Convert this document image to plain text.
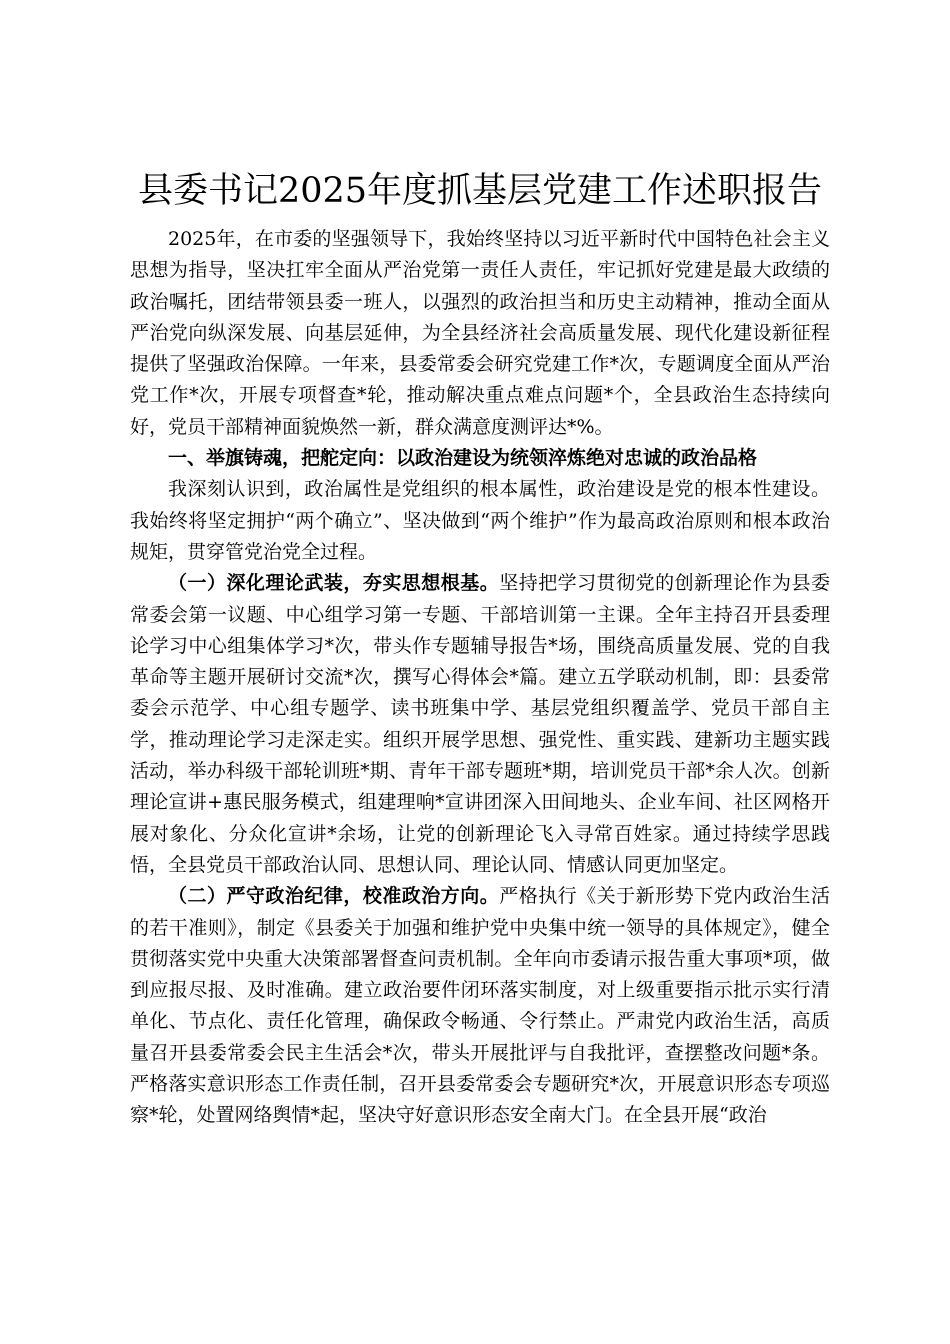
县委书记2025年度抓基层党建工作述职报告

2025年，在市委的坚强领导下，我始终坚持以习近平新时代中国特色社会主义思想为指导，坚决扛牢全面从严治党第一责任人责任，牢记抓好党建是最大政绩的政治嘱托，团结带领县委一班人，以强烈的政治担当和历史主动精神，推动全面从严治党向纵深发展、向基层延伸，为全县经济社会高质量发展、现代化建设新征程提供了坚强政治保障。一年来，县委常委会研究党建工作*次，专题调度全面从严治党工作*次，开展专项督查*轮，推动解决重点难点问题*个，全县政治生态持续向好，党员干部精神面貌焕然一新，群众满意度测评达*%。

一、举旗铸魂，把舵定向：以政治建设为统领淬炼绝对忠诚的政治品格

我深刻认识到，政治属性是党组织的根本属性，政治建设是党的根本性建设。我始终将坚定拥护“两个确立”、坚决做到“两个维护”作为最高政治原则和根本政治规矩，贯穿管党治党全过程。

（一）深化理论武装，夯实思想根基。坚持把学习贯彻党的创新理论作为县委常委会第一议题、中心组学习第一专题、干部培训第一主课。全年主持召开县委理论学习中心组集体学习*次，带头作专题辅导报告*场，围绕高质量发展、党的自我革命等主题开展研讨交流*次，撰写心得体会*篇。建立五学联动机制，即：县委常委会示范学、中心组专题学、读书班集中学、基层党组织覆盖学、党员干部自主学，推动理论学习走深走实。组织开展学思想、强党性、重实践、建新功主题实践活动，举办科级干部轮训班*期、青年干部专题班*期，培训党员干部*余人次。创新理论宣讲+惠民服务模式，组建理响*宣讲团深入田间地头、企业车间、社区网格开展对象化、分众化宣讲*余场，让党的创新理论飞入寻常百姓家。通过持续学思践悟，全县党员干部政治认同、思想认同、理论认同、情感认同更加坚定。

（二）严守政治纪律，校准政治方向。严格执行《关于新形势下党内政治生活的若干准则》，制定《县委关于加强和维护党中央集中统一领导的具体规定》，健全贯彻落实党中央重大决策部署督查问责机制。全年向市委请示报告重大事项*项，做到应报尽报、及时准确。建立政治要件闭环落实制度，对上级重要指示批示实行清单化、节点化、责任化管理，确保政令畅通、令行禁止。严肃党内政治生活，高质量召开县委常委会民主生活会*次，带头开展批评与自我批评，查摆整改问题*条。严格落实意识形态工作责任制，召开县委常委会专题研究*次，开展意识形态专项巡察*轮，处置网络舆情*起，坚决守好意识形态安全南大门。在全县开展“政治
